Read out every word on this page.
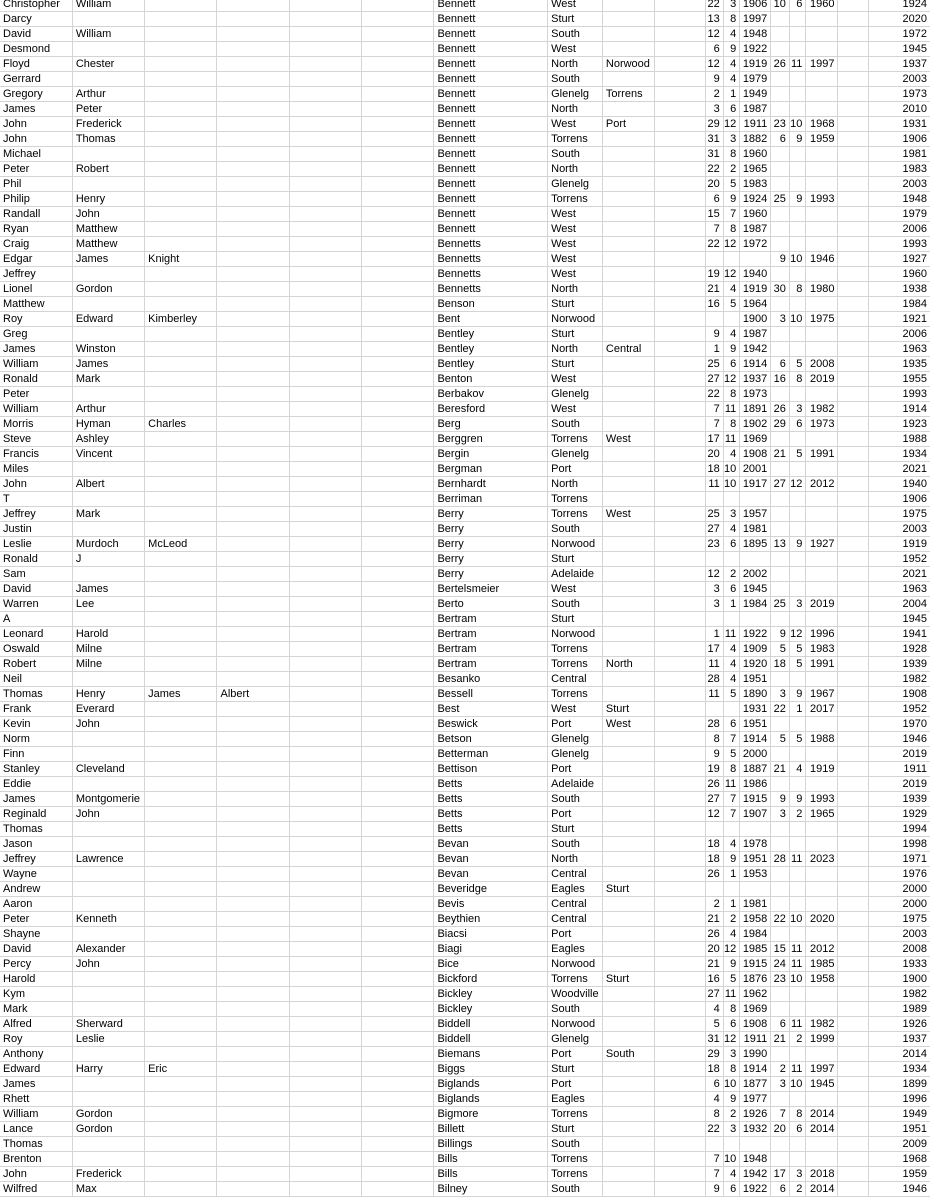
Christopher	William					Bennett	West			22	3	1906	10	6	1960		1924
Darcy						Bennett	Sturt			13	8	1997					2020
David	William					Bennett	South			12	4	1948					1972
Desmond						Bennett	West			6	9	1922					1945
Floyd	Chester					Bennett	North	Norwood		12	4	1919	26	11	1997		1937
Gerrard						Bennett	South			9	4	1979					2003
Gregory	Arthur					Bennett	Glenelg	Torrens		2	1	1949					1973
James	Peter					Bennett	North			3	6	1987					2010
John	Frederick					Bennett	West	Port		29	12	1911	23	10	1968		1931
John	Thomas					Bennett	Torrens			31	3	1882	6	9	1959		1906
Michael						Bennett	South			31	8	1960					1981
Peter	Robert					Bennett	North			22	2	1965					1983
Phil						Bennett	Glenelg			20	5	1983					2003
Philip	Henry					Bennett	Torrens			6	9	1924	25	9	1993		1948
Randall	John					Bennett	West			15	7	1960					1979
Ryan	Matthew					Bennett	West			7	8	1987					2006
Craig	Matthew					Bennetts	West			22	12	1972					1993
Edgar	James	Knight				Bennetts	West						9	10	1946		1927
Jeffrey						Bennetts	West			19	12	1940					1960
Lionel	Gordon					Bennetts	North			21	4	1919	30	8	1980		1938
Matthew						Benson	Sturt			16	5	1964					1984
Roy	Edward	Kimberley				Bent	Norwood					1900	3	10	1975		1921
Greg						Bentley	Sturt			9	4	1987					2006
James	Winston					Bentley	North	Central		1	9	1942					1963
William	James					Bentley	Sturt			25	6	1914	6	5	2008		1935
Ronald	Mark					Benton	West			27	12	1937	16	8	2019		1955
Peter						Berbakov	Glenelg			22	8	1973					1993
William	Arthur					Beresford	West			7	11	1891	26	3	1982		1914
Morris	Hyman	Charles				Berg	South			7	8	1902	29	6	1973		1923
Steve	Ashley					Berggren	Torrens	West		17	11	1969					1988
Francis	Vincent					Bergin	Glenelg			20	4	1908	21	5	1991		1934
Miles						Bergman	Port			18	10	2001					2021
John	Albert					Bernhardt	North			11	10	1917	27	12	2012		1940
T						Berriman	Torrens										1906
Jeffrey	Mark					Berry	Torrens	West		25	3	1957					1975
Justin						Berry	South			27	4	1981					2003
Leslie	Murdoch	McLeod				Berry	Norwood			23	6	1895	13	9	1927		1919
Ronald	J					Berry	Sturt										1952
Sam						Berry	Adelaide			12	2	2002					2021
David	James					Bertelsmeier	West			3	6	1945					1963
Warren	Lee					Berto	South			3	1	1984	25	3	2019		2004
A						Bertram	Sturt										1945
Leonard	Harold					Bertram	Norwood			1	11	1922	9	12	1996		1941
Oswald	Milne					Bertram	Torrens			17	4	1909	5	5	1983		1928
Robert	Milne					Bertram	Torrens	North		11	4	1920	18	5	1991		1939
Neil						Besanko	Central			28	4	1951					1982
Thomas	Henry	James	Albert			Bessell	Torrens			11	5	1890	3	9	1967		1908
Frank	Everard					Best	West	Sturt				1931	22	1	2017		1952
Kevin	John					Beswick	Port	West		28	6	1951					1970
Norm						Betson	Glenelg			8	7	1914	5	5	1988		1946
Finn						Betterman	Glenelg			9	5	2000					2019
Stanley	Cleveland					Bettison	Port			19	8	1887	21	4	1919		1911
Eddie						Betts	Adelaide			26	11	1986					2019
James	Montgomerie					Betts	South			27	7	1915	9	9	1993		1939
Reginald	John					Betts	Port			12	7	1907	3	2	1965		1929
Thomas						Betts	Sturt										1994
Jason						Bevan	South			18	4	1978					1998
Jeffrey	Lawrence					Bevan	North			18	9	1951	28	11	2023		1971
Wayne						Bevan	Central			26	1	1953					1976
Andrew						Beveridge	Eagles	Sturt									2000
Aaron						Bevis	Central			2	1	1981					2000
Peter	Kenneth					Beythien	Central			21	2	1958	22	10	2020		1975
Shayne						Biacsi	Port			26	4	1984					2003
David	Alexander					Biagi	Eagles			20	12	1985	15	11	2012		2008
Percy	John					Bice	Norwood			21	9	1915	24	11	1985		1933
Harold						Bickford	Torrens	Sturt		16	5	1876	23	10	1958		1900
Kym						Bickley	Woodville			27	11	1962					1982
Mark						Bickley	South			4	8	1969					1989
Alfred	Sherward					Biddell	Norwood			5	6	1908	6	11	1982		1926
Roy	Leslie					Biddell	Glenelg			31	12	1911	21	2	1999		1937
Anthony						Biemans	Port	South		29	3	1990					2014
Edward	Harry	Eric				Biggs	Sturt			18	8	1914	2	11	1997		1934
James						Biglands	Port			6	10	1877	3	10	1945		1899
Rhett						Biglands	Eagles			4	9	1977					1996
William	Gordon					Bigmore	Torrens			8	2	1926	7	8	2014		1949
Lance	Gordon					Billett	Sturt			22	3	1932	20	6	2014		1951
Thomas						Billings	South										2009
Brenton						Bills	Torrens			7	10	1948					1968
John	Frederick					Bills	Torrens			7	4	1942	17	3	2018		1959
Wilfred	Max					Bilney	South			9	6	1922	6	2	2014		1946
